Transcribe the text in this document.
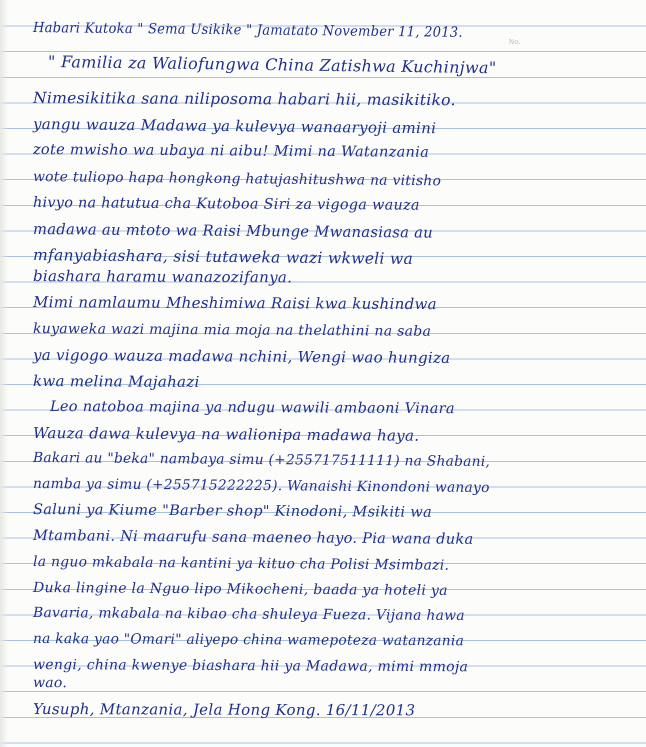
No.
Habari Kutoka " Sema Usikike " Jamatato November 11, 2013.
" Familia za Waliofungwa China Zatishwa Kuchinjwa"
Nimesikitika sana niliposoma habari hii, masikitiko.
yangu wauza Madawa ya kulevya wanaaryoji amini
zote mwisho wa ubaya ni aibu! Mimi na Watanzania
wote tuliopo hapa hongkong hatujashitushwa na vitisho
hivyo na hatutua cha Kutoboa Siri za vigoga wauza
madawa au mtoto wa Raisi Mbunge Mwanasiasa au
mfanyabiashara, sisi tutaweka wazi wkweli wa
biashara haramu wanazozifanya.
Mimi namlaumu Mheshimiwa Raisi kwa kushindwa
kuyaweka wazi majina mia moja na thelathini na saba
ya vigogo wauza madawa nchini, Wengi wao hungiza
kwa melina Majahazi
Leo natoboa majina ya ndugu wawili ambaoni Vinara
Wauza dawa kulevya na walionipa madawa haya.
Bakari au "beka" nambaya simu (+255717511111) na Shabani,
namba ya simu (+255715222225). Wanaishi Kinondoni wanayo
Saluni ya Kiume "Barber shop" Kinodoni, Msikiti wa
Mtambani. Ni maarufu sana maeneo hayo. Pia wana duka
la nguo mkabala na kantini ya kituo cha Polisi Msimbazi.
Duka lingine la Nguo lipo Mikocheni, baada ya hoteli ya
Bavaria, mkabala na kibao cha shuleya Fueza. Vijana hawa
na kaka yao "Omari" aliyepo china wamepoteza watanzania
wengi, china kwenye biashara hii ya Madawa, mimi mmoja
wao.
Yusuph, Mtanzania, Jela Hong Kong. 16/11/2013
